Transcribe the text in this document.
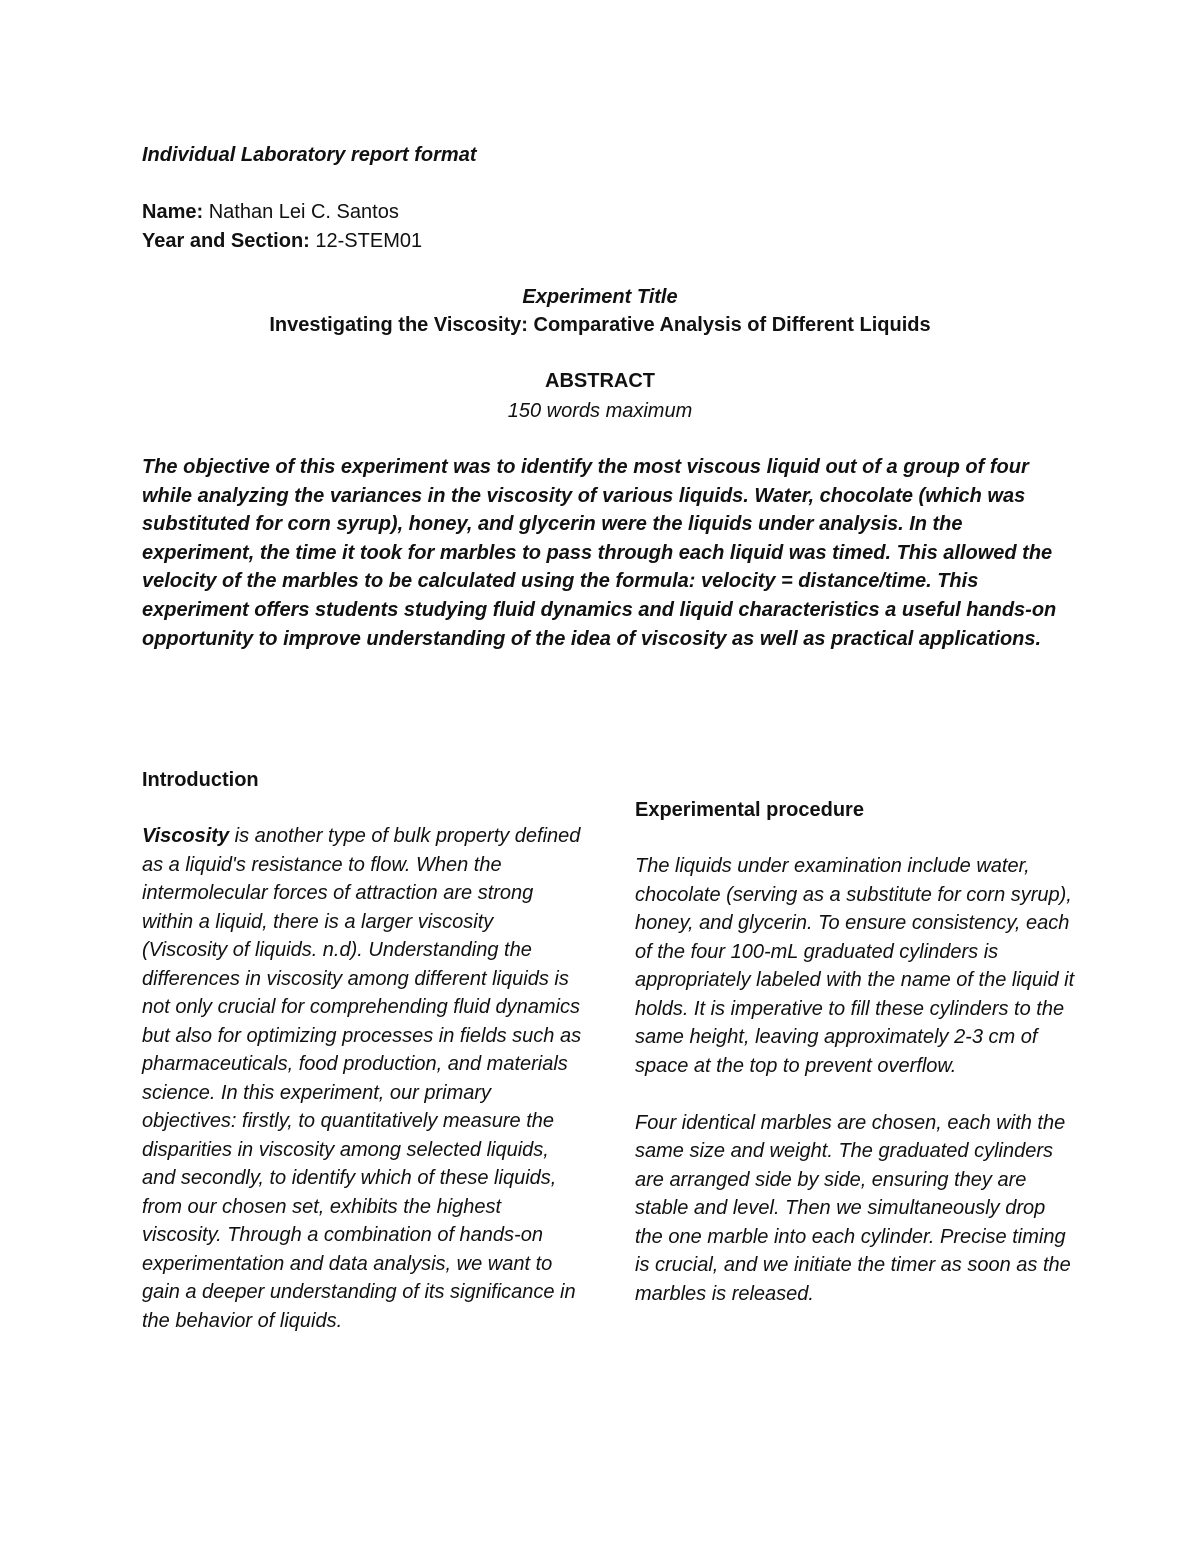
Individual Laboratory report format

Name: Nathan Lei C. Santos

Year and Section: 12-STEM01

Experiment Title

Investigating the Viscosity: Comparative Analysis of Different Liquids

ABSTRACT

150 words maximum

The objective of this experiment was to identify the most viscous liquid out of a group of four while analyzing the variances in the viscosity of various liquids. Water, chocolate (which was substituted for corn syrup), honey, and glycerin were the liquids under analysis. In the experiment, the time it took for marbles to pass through each liquid was timed. This allowed the velocity of the marbles to be calculated using the formula: velocity = distance/time. This experiment offers students studying fluid dynamics and liquid characteristics a useful hands-on opportunity to improve understanding of the idea of viscosity as well as practical applications.

Introduction

Viscosity is another type of bulk property defined as a liquid's resistance to flow. When the intermolecular forces of attraction are strong within a liquid, there is a larger viscosity (Viscosity of liquids. n.d). Understanding the differences in viscosity among different liquids is not only crucial for comprehending fluid dynamics but also for optimizing processes in fields such as pharmaceuticals, food production, and materials science. In this experiment, our primary objectives: firstly, to quantitatively measure the disparities in viscosity among selected liquids, and secondly, to identify which of these liquids, from our chosen set, exhibits the highest viscosity. Through a combination of hands-on experimentation and data analysis, we want to gain a deeper understanding of its significance in the behavior of liquids.

Experimental procedure

The liquids under examination include water, chocolate (serving as a substitute for corn syrup), honey, and glycerin. To ensure consistency, each of the four 100-mL graduated cylinders is appropriately labeled with the name of the liquid it holds. It is imperative to fill these cylinders to the same height, leaving approximately 2-3 cm of space at the top to prevent overflow.

Four identical marbles are chosen, each with the same size and weight. The graduated cylinders are arranged side by side, ensuring they are stable and level. Then we simultaneously drop the one marble into each cylinder. Precise timing is crucial, and we initiate the timer as soon as the marbles is released.
